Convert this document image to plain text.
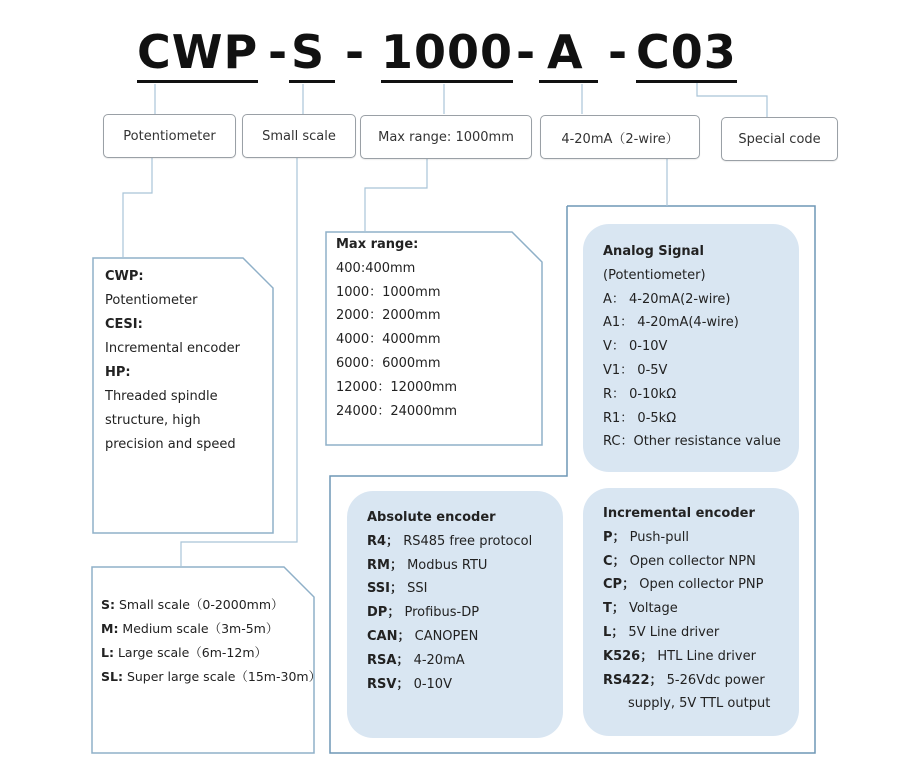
CWP - S - 1000 - A - C03
Potentiometer	Small scale	Max range: 1000mm	4-20mA（2-wire）	Special code
CWP:
Potentiometer
CESI:
Incremental encoder
HP:
Threaded spindle
structure, high
precision and speed
Max range:
400:400mm
1000：1000mm
2000：2000mm
4000：4000mm
6000：6000mm
12000：12000mm
24000：24000mm
S: Small scale（0-2000mm）
M: Medium scale（3m-5m）
L: Large scale（6m-12m）
SL: Super large scale（15m-30m）
Analog Signal
(Potentiometer)
A： 4-20mA(2-wire)
A1： 4-20mA(4-wire)
V： 0-10V
V1： 0-5V
R： 0-10kΩ
R1： 0-5kΩ
RC：Other resistance value
Absolute encoder
R4； RS485 free protocol
RM； Modbus RTU
SSI； SSI
DP； Profibus-DP
CAN； CANOPEN
RSA； 4-20mA
RSV； 0-10V
Incremental encoder
P； Push-pull
C； Open collector NPN
CP； Open collector PNP
T； Voltage
L； 5V Line driver
K526； HTL Line driver
RS422； 5-26Vdc power
supply, 5V TTL output
